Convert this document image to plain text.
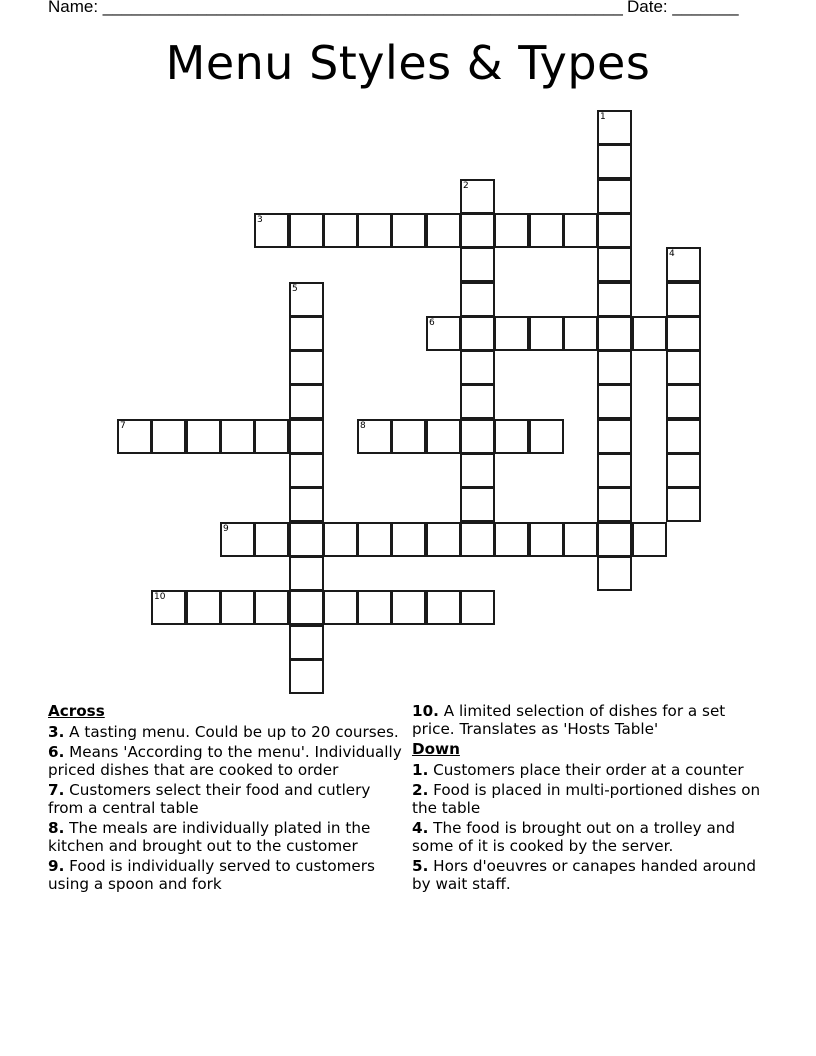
Name: _______________________________________________________ Date: _______
Menu Styles & Types
1
2
3
4
5
6
7	8
9
10
Across
3. A tasting menu. Could be up to 20 courses.
6. Means 'According to the menu'. Individually priced dishes that are cooked to order
7. Customers select their food and cutlery from a central table
8. The meals are individually plated in the kitchen and brought out to the customer
9. Food is individually served to customers using a spoon and fork
10. A limited selection of dishes for a set price. Translates as 'Hosts Table'
Down
1. Customers place their order at a counter
2. Food is placed in multi-portioned dishes on the table
4. The food is brought out on a trolley and some of it is cooked by the server.
5. Hors d'oeuvres or canapes handed around by wait staff.
